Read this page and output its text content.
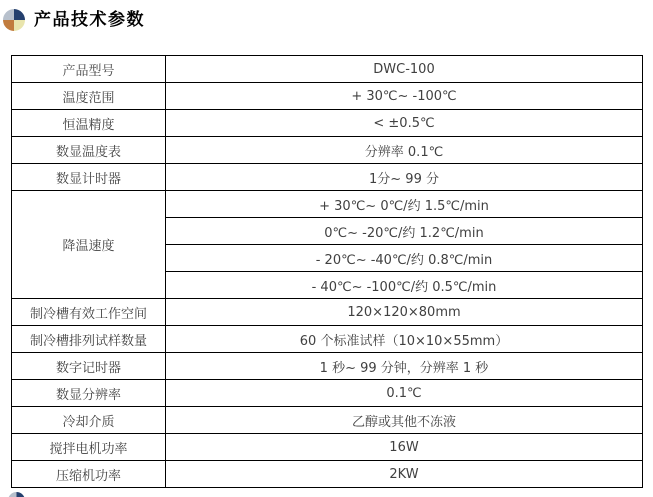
产品技术参数
产品型号	DWC-100
温度范围	+ 30℃~ -100℃
恒温精度	< ±0.5℃
数显温度表	分辨率 0.1℃
数显计时器	1分~ 99 分
降温速度	+ 30℃~ 0℃/约 1.5℃/min
	0℃~ -20℃/约 1.2℃/min
	- 20℃~ -40℃/约 0.8℃/min
	- 40℃~ -100℃/约 0.5℃/min
制冷槽有效工作空间	120×120×80mm
制冷槽排列试样数量	60 个标准试样（10×10×55mm）
数字记时器	1 秒~ 99 分钟，分辨率 1 秒
数显分辨率	0.1℃
冷却介质	乙醇或其他不冻液
搅拌电机功率	16W
压缩机功率	2KW
